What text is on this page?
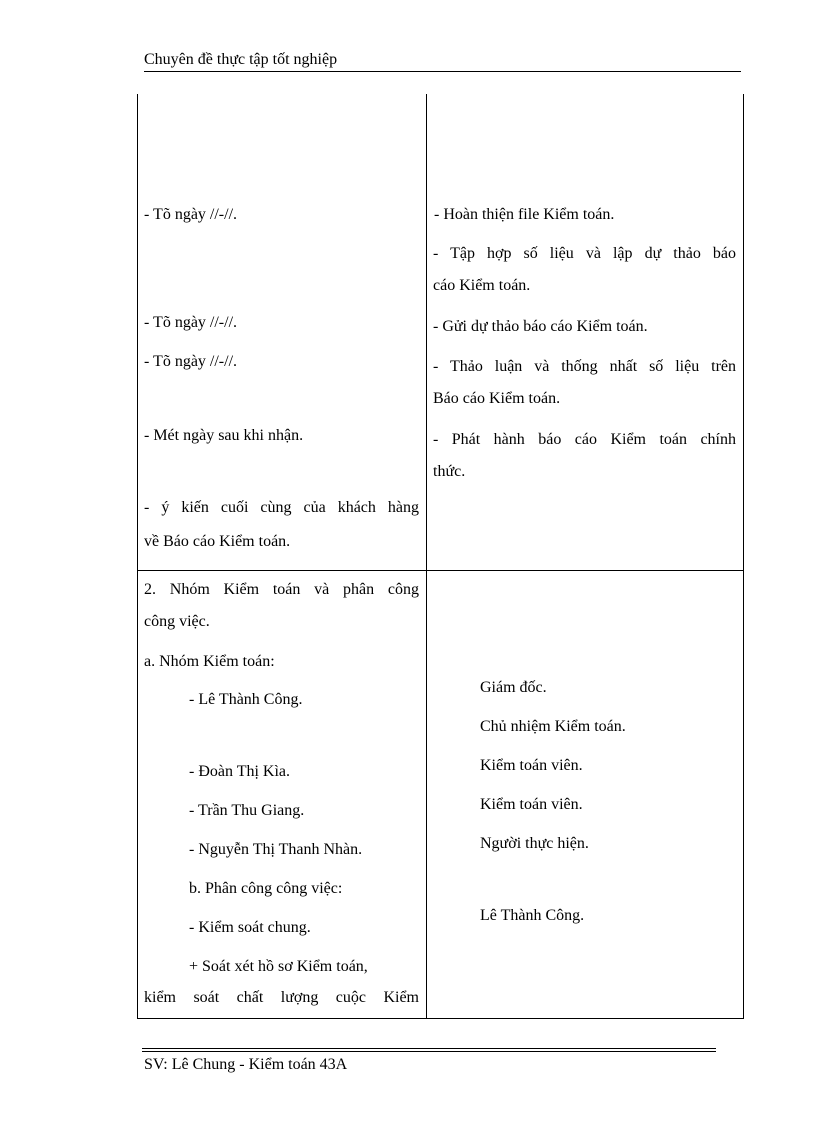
Chuyên đề thực tập tốt nghiệp
- Tõ ngày //-//.
- Tõ ngày //-//.
- Tõ ngày //-//.
- Mét ngày sau khi nhận.
- ý kiến cuối cùng của khách hàng
về Báo cáo Kiểm toán.
- Hoàn thiện file Kiểm toán.
- Tập hợp số liệu và lập dự thảo báo
cáo Kiểm toán.
- Gửi dự thảo báo cáo Kiểm toán.
- Thảo luận và thống nhất số liệu trên
Báo cáo Kiểm toán.
- Phát hành báo cáo Kiểm toán chính
thức.
2. Nhóm Kiểm toán và phân công
công việc.
a. Nhóm Kiểm toán:
- Lê Thành Công.
- Đoàn Thị Kìa.
- Trần Thu Giang.
- Nguyễn Thị Thanh Nhàn.
b. Phân công công việc:
- Kiểm soát chung.
+ Soát xét hồ sơ Kiểm toán,
kiểm soát chất lượng cuộc Kiểm
Giám đốc.
Chủ nhiệm Kiểm toán.
Kiểm toán viên.
Kiểm toán viên.
Người thực hiện.
Lê Thành Công.
SV: Lê Chung - Kiểm toán 43A
